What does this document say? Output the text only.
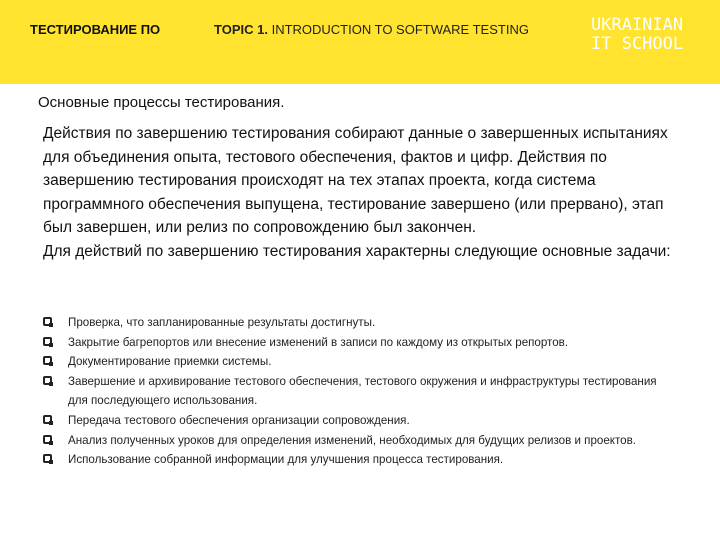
ТЕСТИРОВАНИЕ ПО	TOPIC 1. INTRODUCTION TO SOFTWARE TESTING	UKRAINIAN
IT SCHOOL
Основные процессы тестирования.

Действия по завершению тестирования собирают данные о завершенных испытаниях для объединения опыта, тестового обеспечения, фактов и цифр. Действия по завершению тестирования происходят на тех этапах проекта, когда система программного обеспечения выпущена, тестирование завершено (или прервано), этап был завершен, или релиз по сопровождению был закончен.

Для действий по завершению тестирования характерны следующие основные задачи:

Проверка, что запланированные результаты достигнуты.
Закрытие багрепортов или внесение изменений в записи по каждому из открытых репортов.
Документирование приемки системы.
Завершение и архивирование тестового обеспечения, тестового окружения и инфраструктуры тестирования для последующего использования.
Передача тестового обеспечения организации сопровождения.
Анализ полученных уроков для определения изменений, необходимых для будущих релизов и проектов.
Использование собранной информации для улучшения процесса тестирования.
